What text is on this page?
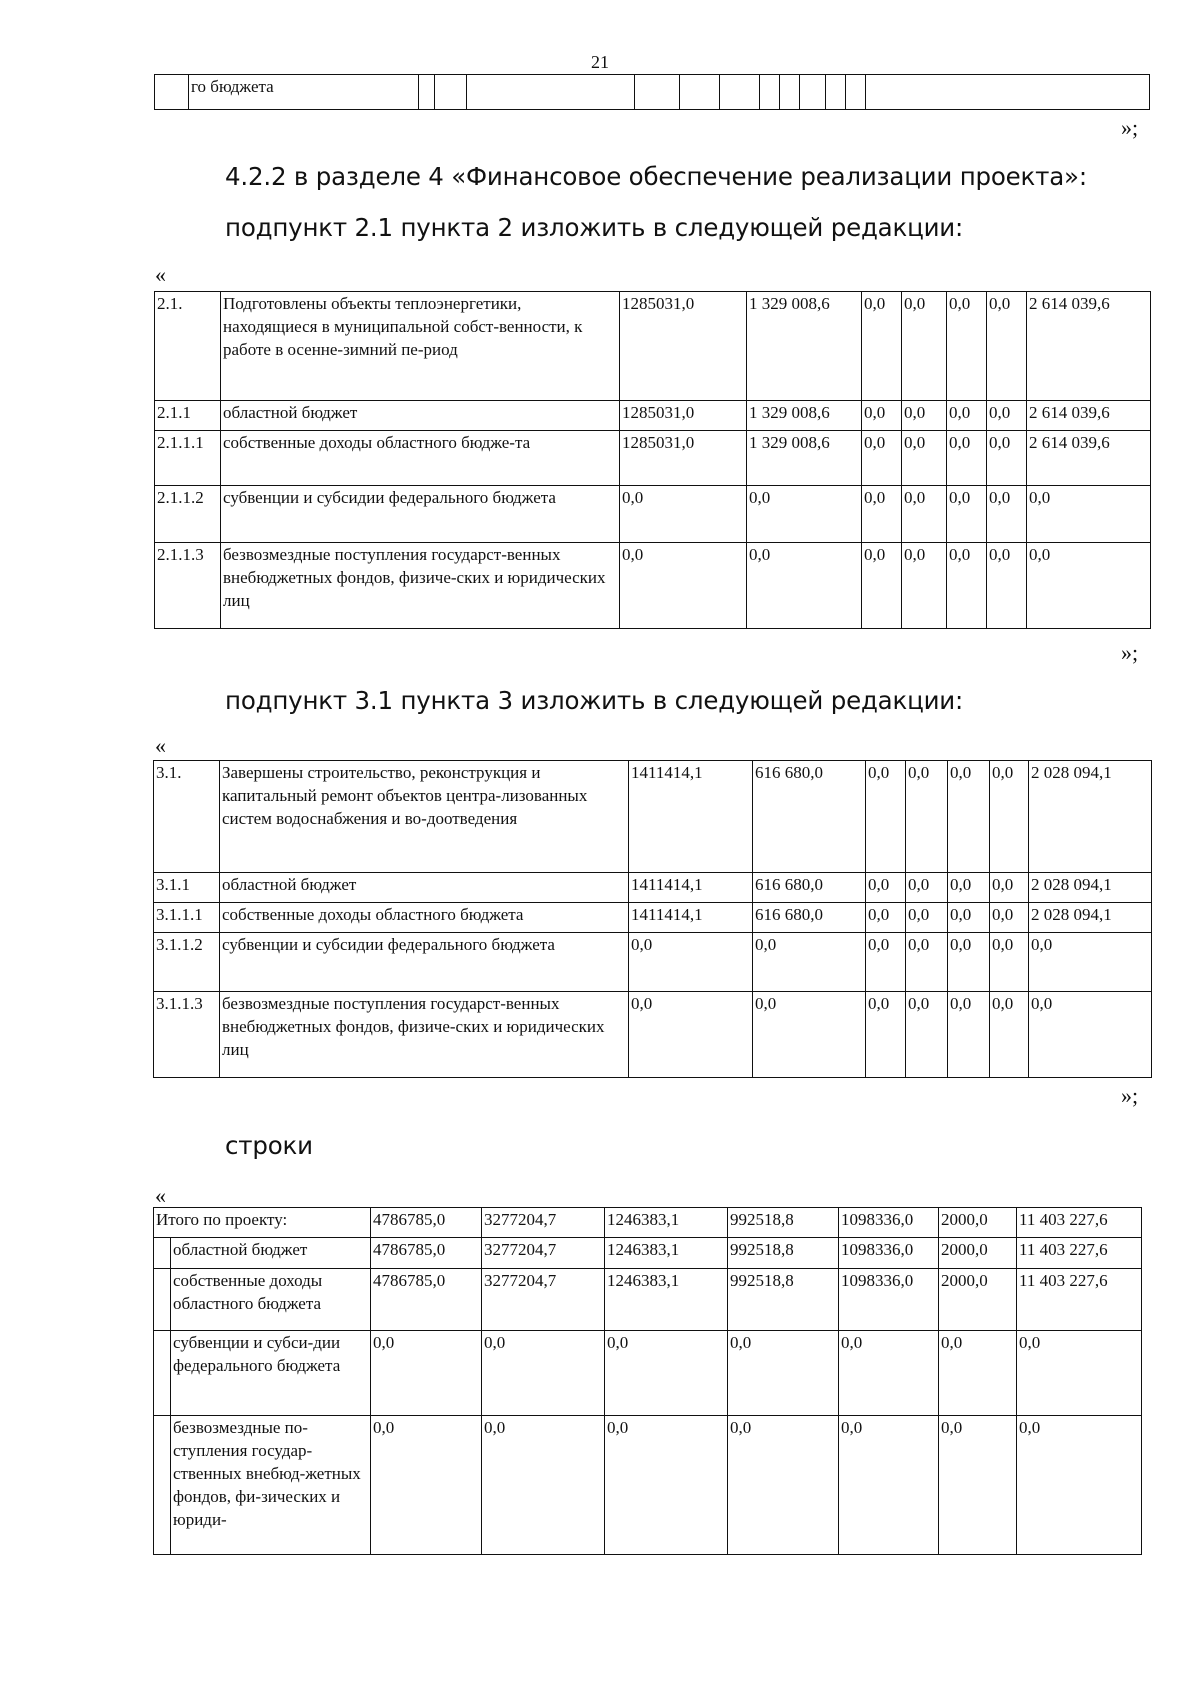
21
	го бюджета												
»;
4.2.2 в разделе 4 «Финансовое обеспечение реализации проекта»:
подпункт 2.1 пункта 2 изложить в следующей редакции:
«
2.1.	Подготовлены объекты теплоэнергетики, находящиеся в муниципальной собст-венности, к работе в осенне-зимний пе-риод	1285031,0	1 329 008,6	0,0	0,0	0,0	0,0	2 614 039,6
2.1.1	областной бюджет	1285031,0	1 329 008,6	0,0	0,0	0,0	0,0	2 614 039,6
2.1.1.1	собственные доходы областного бюдже-та	1285031,0	1 329 008,6	0,0	0,0	0,0	0,0	2 614 039,6
2.1.1.2	субвенции и субсидии федерального бюджета	0,0	0,0	0,0	0,0	0,0	0,0	0,0
2.1.1.3	безвозмездные поступления государст-венных внебюджетных фондов, физиче-ских и юридических лиц	0,0	0,0	0,0	0,0	0,0	0,0	0,0
»;
подпункт 3.1 пункта 3 изложить в следующей редакции:
«
3.1.	Завершены строительство, реконструкция и капитальный ремонт объектов центра-лизованных систем водоснабжения и во-доотведения	1411414,1	616 680,0	0,0	0,0	0,0	0,0	2 028 094,1
3.1.1	областной бюджет	1411414,1	616 680,0	0,0	0,0	0,0	0,0	2 028 094,1
3.1.1.1	собственные доходы областного бюджета	1411414,1	616 680,0	0,0	0,0	0,0	0,0	2 028 094,1
3.1.1.2	субвенции и субсидии федерального бюджета	0,0	0,0	0,0	0,0	0,0	0,0	0,0
3.1.1.3	безвозмездные поступления государст-венных внебюджетных фондов, физиче-ских и юридических лиц	0,0	0,0	0,0	0,0	0,0	0,0	0,0
»;
строки
«
Итого по проекту:		4786785,0	3277204,7	1246383,1	992518,8	1098336,0	2000,0	11 403 227,6
	областной бюджет	4786785,0	3277204,7	1246383,1	992518,8	1098336,0	2000,0	11 403 227,6
	собственные доходы областного бюджета	4786785,0	3277204,7	1246383,1	992518,8	1098336,0	2000,0	11 403 227,6
	субвенции и субси-дии федерального бюджета	0,0	0,0	0,0	0,0	0,0	0,0	0,0
	безвозмездные по-ступления государ-ственных внебюд-жетных фондов, фи-зических и юриди-	0,0	0,0	0,0	0,0	0,0	0,0	0,0
